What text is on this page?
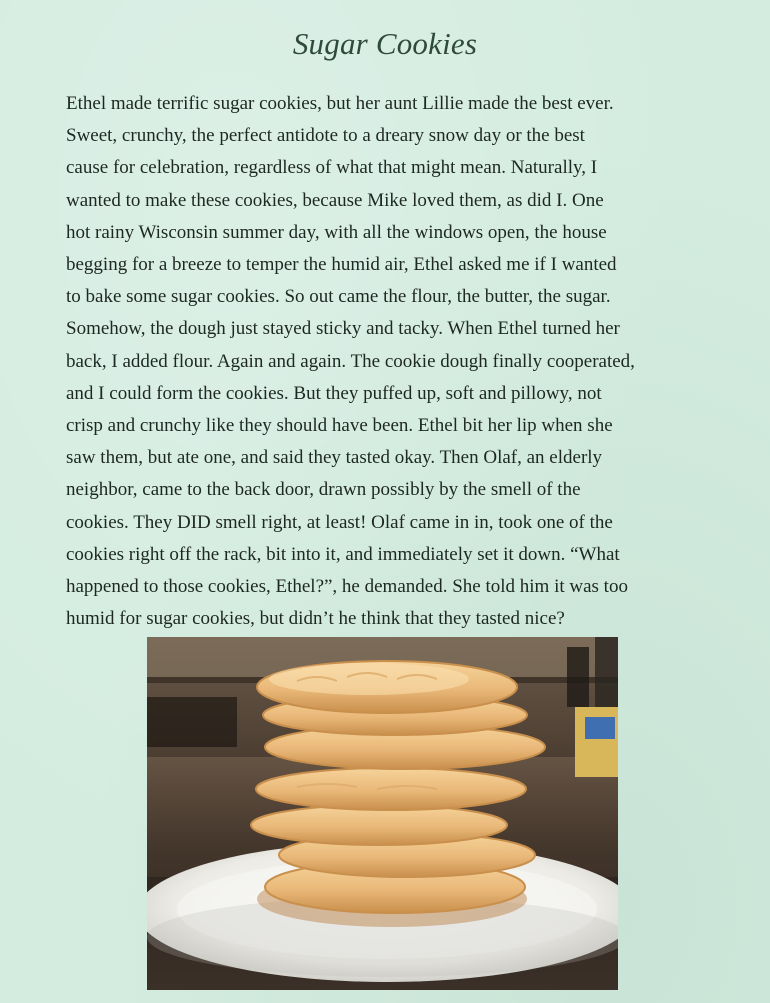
Sugar Cookies
Ethel made terrific sugar cookies, but her aunt Lillie made the best ever.
Sweet, crunchy, the perfect antidote to a dreary snow day or the best
cause for celebration, regardless of what that might mean. Naturally, I
wanted to make these cookies, because Mike loved them, as did I. One
hot rainy Wisconsin summer day, with all the windows open, the house
begging for a breeze to temper the humid air, Ethel asked me if I wanted
to bake some sugar cookies. So out came the flour, the butter, the sugar.
Somehow, the dough just stayed sticky and tacky. When Ethel turned her
back, I added flour. Again and again. The cookie dough finally cooperated,
and I could form the cookies. But they puffed up, soft and pillowy, not
crisp and crunchy like they should have been. Ethel bit her lip when she
saw them, but ate one, and said they tasted okay. Then Olaf, an elderly
neighbor, came to the back door, drawn possibly by the smell of the
cookies. They DID smell right, at least! Olaf came in in, took one of the
cookies right off the rack, bit into it, and immediately set it down. “What
happened to those cookies, Ethel?”, he demanded. She told him it was too
humid for sugar cookies, but didn’t he think that they tasted nice?
